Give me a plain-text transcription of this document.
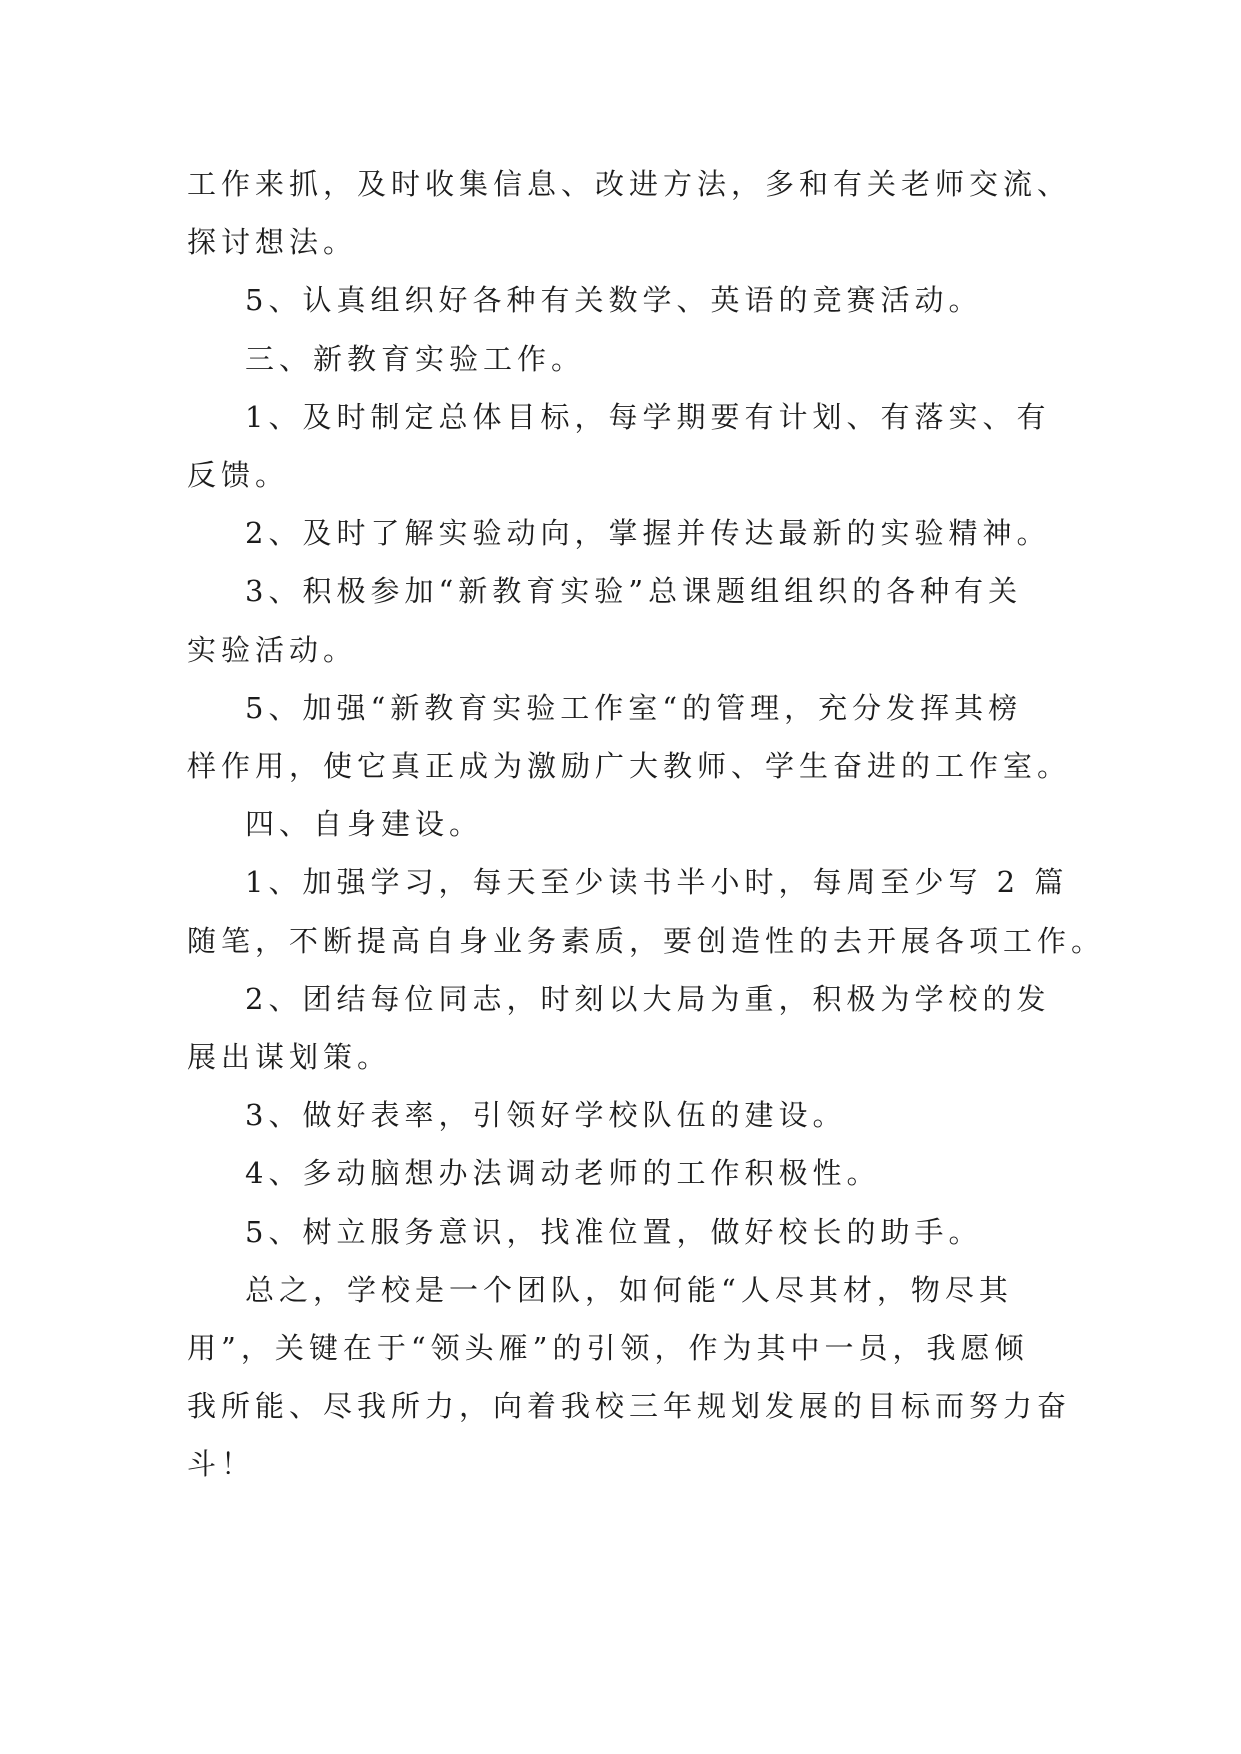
工作来抓，及时收集信息、改进方法，多和有关老师交流、

探讨想法。

5、认真组织好各种有关数学、英语的竞赛活动。

三、新教育实验工作。

1、及时制定总体目标，每学期要有计划、有落实、有

反馈。

2、及时了解实验动向，掌握并传达最新的实验精神。

3、积极参加“新教育实验”总课题组组织的各种有关

实验活动。

5、加强“新教育实验工作室“的管理，充分发挥其榜

样作用，使它真正成为激励广大教师、学生奋进的工作室。

四、自身建设。

1、加强学习，每天至少读书半小时，每周至少写 2 篇

随笔，不断提高自身业务素质，要创造性的去开展各项工作。

2、团结每位同志，时刻以大局为重，积极为学校的发

展出谋划策。

3、做好表率，引领好学校队伍的建设。

4、多动脑想办法调动老师的工作积极性。

5、树立服务意识，找准位置，做好校长的助手。

总之，学校是一个团队，如何能“人尽其材，物尽其

用”，关键在于“领头雁”的引领，作为其中一员，我愿倾

我所能、尽我所力，向着我校三年规划发展的目标而努力奋

斗！
